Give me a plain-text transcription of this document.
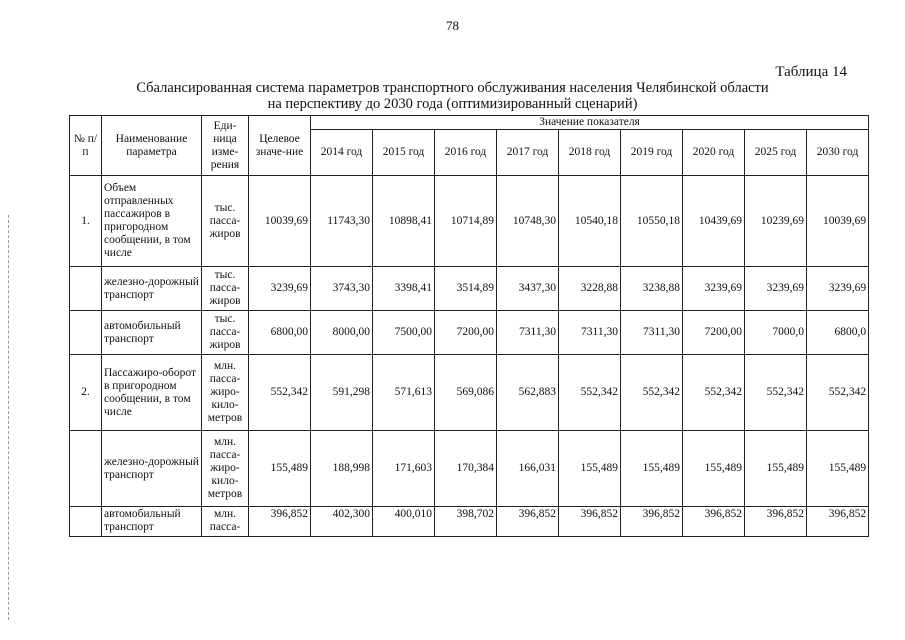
78
Таблица 14
Сбалансированная система параметров транспортного обслуживания населения Челябинской области
на перспективу до 2030 года (оптимизированный сценарий)
№ п/п	Наименование параметра	Еди-ница изме-рения	Целевое значе-ние	Значение показателя								
				2014 год	2015 год	2016 год	2017 год	2018 год	2019 год	2020 год	2025 год	2030 год

1.	Объем отправленных пассажиров в пригородном сообщении, в том числе	тыс. пасса-жиров	10039,69	11743,30	10898,41	10714,89	10748,30	10540,18	10550,18	10439,69	10239,69	10039,69

	железно-дорожный транспорт	тыс. пасса-жиров	3239,69	3743,30	3398,41	3514,89	3437,30	3228,88	3238,88	3239,69	3239,69	3239,69

	автомобильный транспорт	тыс. пасса-жиров	6800,00	8000,00	7500,00	7200,00	7311,30	7311,30	7311,30	7200,00	7000,0	6800,0

2.	Пассажиро-оборот в пригородном сообщении, в том числе	млн. пасса-жиро-кило-метров	552,342	591,298	571,613	569,086	562,883	552,342	552,342	552,342	552,342	552,342

	железно-дорожный транспорт	млн. пасса-жиро-кило-метров	155,489	188,998	171,603	170,384	166,031	155,489	155,489	155,489	155,489	155,489

	автомобильный транспорт	млн. пасса-	396,852	402,300	400,010	398,702	396,852	396,852	396,852	396,852	396,852	396,852
